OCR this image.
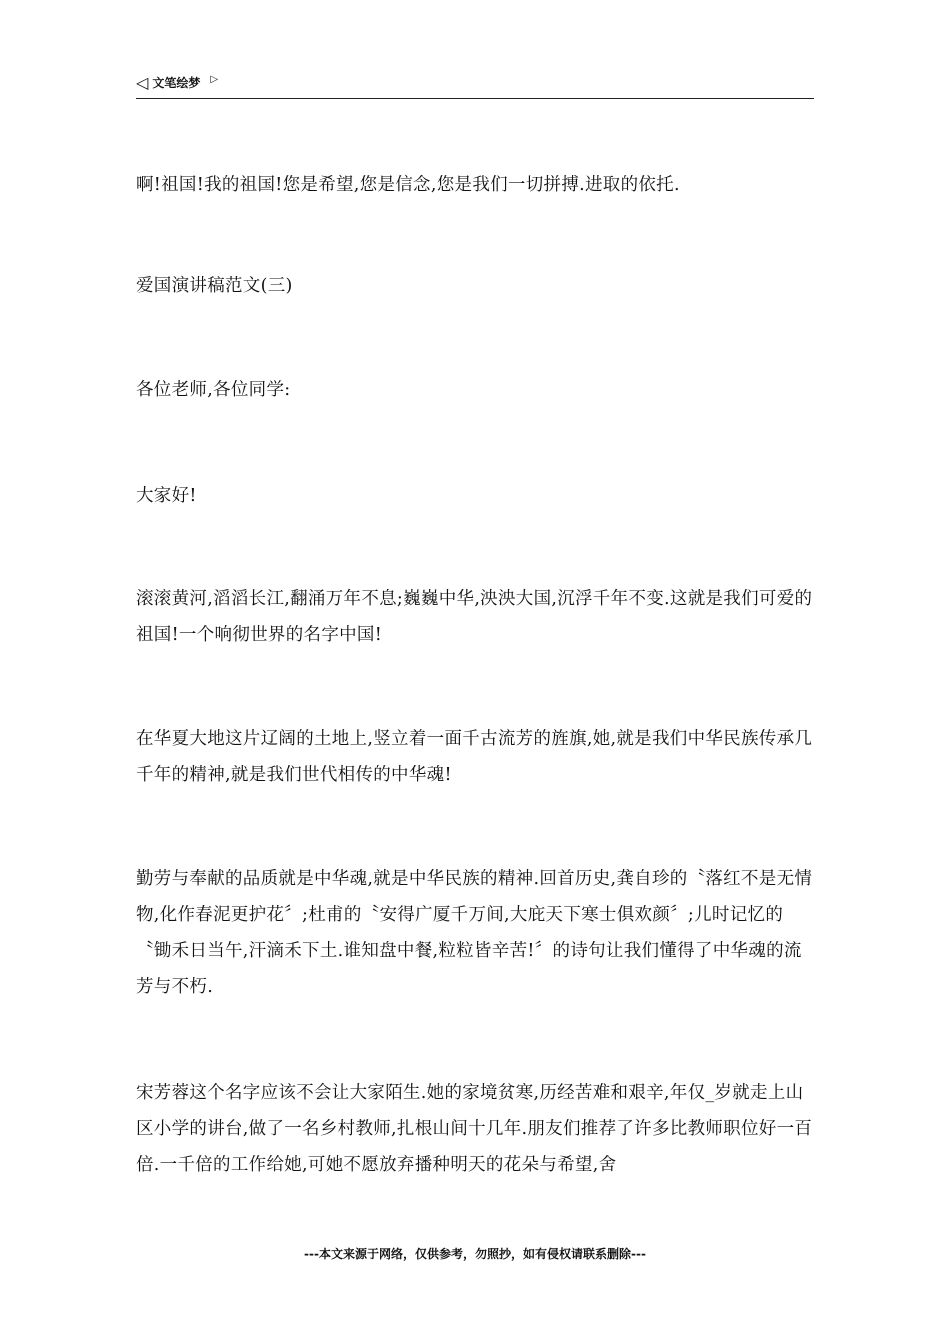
◁ 文笔绘梦 ▷

啊!祖国!我的祖国!您是希望,您是信念,您是我们一切拼搏.进取的依托.

爱国演讲稿范文(三)

各位老师,各位同学:

大家好!

滚滚黄河,滔滔长江,翻涌万年不息;巍巍中华,泱泱大国,沉浮千年不变.这就是我们可爱的祖国!一个响彻世界的名字中国!

在华夏大地这片辽阔的土地上,竖立着一面千古流芳的旌旗,她,就是我们中华民族传承几千年的精神,就是我们世代相传的中华魂!

勤劳与奉献的品质就是中华魂,就是中华民族的精神.回首历史,龚自珍的〝落红不是无情物,化作春泥更护花〞;杜甫的〝安得广厦千万间,大庇天下寒士俱欢颜〞;儿时记忆的〝锄禾日当午,汗滴禾下土.谁知盘中餐,粒粒皆辛苦!〞的诗句让我们懂得了中华魂的流芳与不朽.

宋芳蓉这个名字应该不会让大家陌生.她的家境贫寒,历经苦难和艰辛,年仅_岁就走上山区小学的讲台,做了一名乡村教师,扎根山间十几年.朋友们推荐了许多比教师职位好一百倍.一千倍的工作给她,可她不愿放弃播种明天的花朵与希望,舍

---本文来源于网络，仅供参考，勿照抄，如有侵权请联系删除---
